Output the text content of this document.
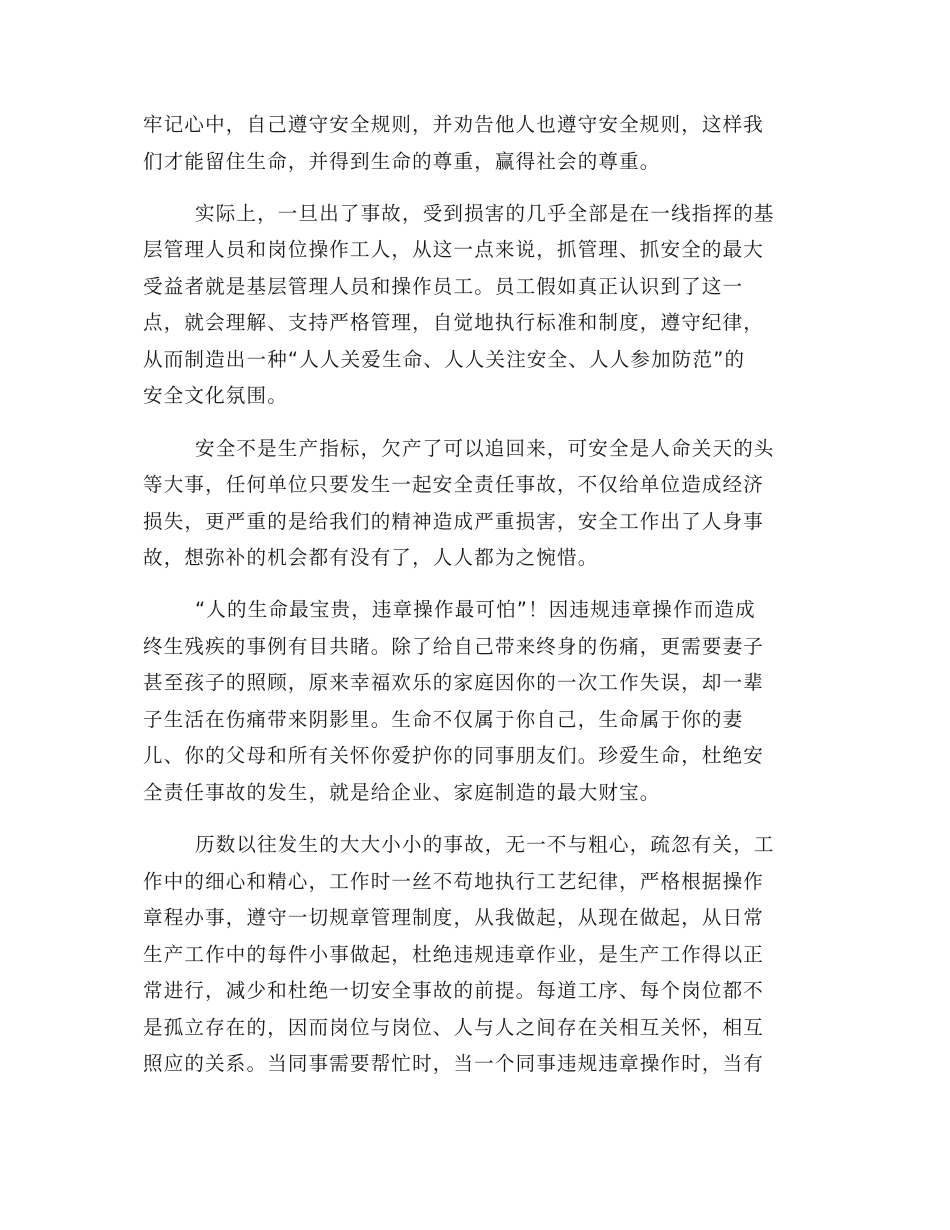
牢记心中，自己遵守安全规则，并劝告他人也遵守安全规则，这样我
们才能留住生命，并得到生命的尊重，赢得社会的尊重。
实际上，一旦出了事故，受到损害的几乎全部是在一线指挥的基
层管理人员和岗位操作工人，从这一点来说，抓管理、抓安全的最大
受益者就是基层管理人员和操作员工。员工假如真正认识到了这一
点，就会理解、支持严格管理，自觉地执行标准和制度，遵守纪律，
从而制造出一种“人人关爱生命、人人关注安全、人人参加防范”的
安全文化氛围。
安全不是生产指标，欠产了可以追回来，可安全是人命关天的头
等大事，任何单位只要发生一起安全责任事故，不仅给单位造成经济
损失，更严重的是给我们的精神造成严重损害，安全工作出了人身事
故，想弥补的机会都有没有了，人人都为之惋惜。
“人的生命最宝贵，违章操作最可怕”！因违规违章操作而造成
终生残疾的事例有目共睹。除了给自己带来终身的伤痛，更需要妻子
甚至孩子的照顾，原来幸福欢乐的家庭因你的一次工作失误，却一辈
子生活在伤痛带来阴影里。生命不仅属于你自己，生命属于你的妻
儿、你的父母和所有关怀你爱护你的同事朋友们。珍爱生命，杜绝安
全责任事故的发生，就是给企业、家庭制造的最大财宝。
历数以往发生的大大小小的事故，无一不与粗心，疏忽有关，工
作中的细心和精心，工作时一丝不苟地执行工艺纪律，严格根据操作
章程办事，遵守一切规章管理制度，从我做起，从现在做起，从日常
生产工作中的每件小事做起，杜绝违规违章作业，是生产工作得以正
常进行，减少和杜绝一切安全事故的前提。每道工序、每个岗位都不
是孤立存在的，因而岗位与岗位、人与人之间存在关相互关怀，相互
照应的关系。当同事需要帮忙时，当一个同事违规违章操作时，当有
